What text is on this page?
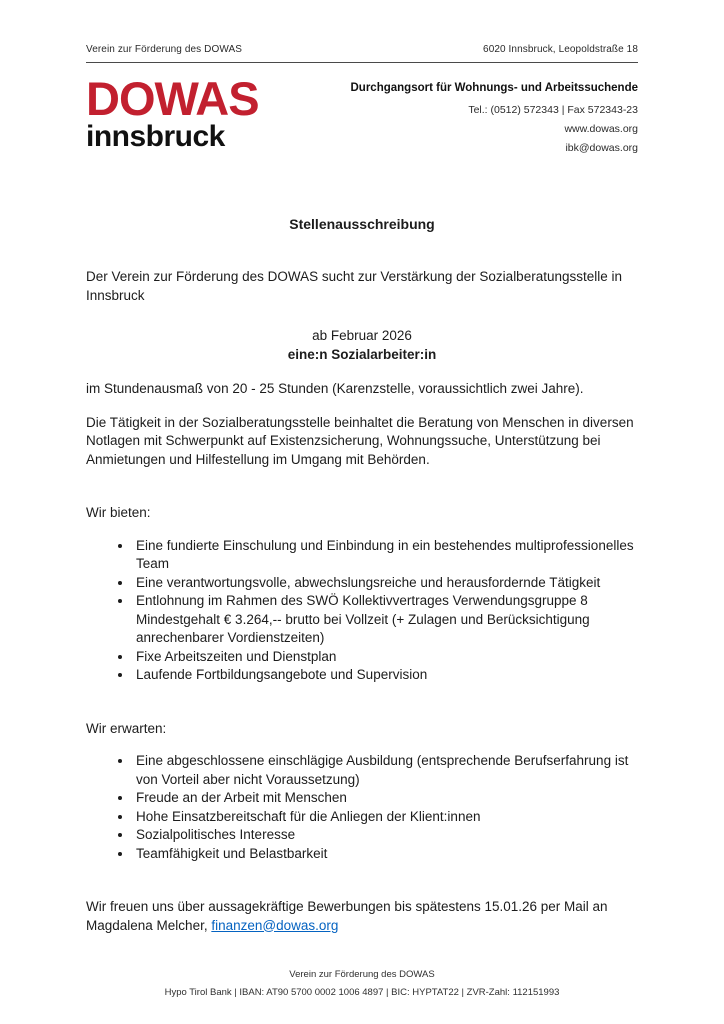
Verein zur Förderung des DOWAS	6020 Innsbruck, Leopoldstraße 18
DOWAS
innsbruck
Durchgangsort für Wohnungs- und Arbeitssuchende
Tel.: (0512) 572343 | Fax 572343-23
www.dowas.org
ibk@dowas.org
Stellenausschreibung

Der Verein zur Förderung des DOWAS sucht zur Verstärkung der Sozialberatungsstelle in Innsbruck

ab Februar 2026
eine:n Sozialarbeiter:in

im Stundenausmaß von 20 - 25 Stunden (Karenzstelle, voraussichtlich zwei Jahre).

Die Tätigkeit in der Sozialberatungsstelle beinhaltet die Beratung von Menschen in diversen Notlagen mit Schwerpunkt auf Existenzsicherung, Wohnungssuche, Unterstützung bei Anmietungen und Hilfestellung im Umgang mit Behörden.

Wir bieten:

• Eine fundierte Einschulung und Einbindung in ein bestehendes multiprofessionelles Team
• Eine verantwortungsvolle, abwechslungsreiche und herausfordernde Tätigkeit
• Entlohnung im Rahmen des SWÖ Kollektivvertrages Verwendungsgruppe 8 Mindestgehalt € 3.264,-- brutto bei Vollzeit (+ Zulagen und Berücksichtigung anrechenbarer Vordienstzeiten)
• Fixe Arbeitszeiten und Dienstplan
• Laufende Fortbildungsangebote und Supervision

Wir erwarten:

• Eine abgeschlossene einschlägige Ausbildung (entsprechende Berufserfahrung ist von Vorteil aber nicht Voraussetzung)
• Freude an der Arbeit mit Menschen
• Hohe Einsatzbereitschaft für die Anliegen der Klient:innen
• Sozialpolitisches Interesse
• Teamfähigkeit und Belastbarkeit

Wir freuen uns über aussagekräftige Bewerbungen bis spätestens 15.01.26 per Mail an Magdalena Melcher, finanzen@dowas.org

Verein zur Förderung des DOWAS
Hypo Tirol Bank | IBAN: AT90 5700 0002 1006 4897 | BIC: HYPTAT22 | ZVR-Zahl: 112151993
